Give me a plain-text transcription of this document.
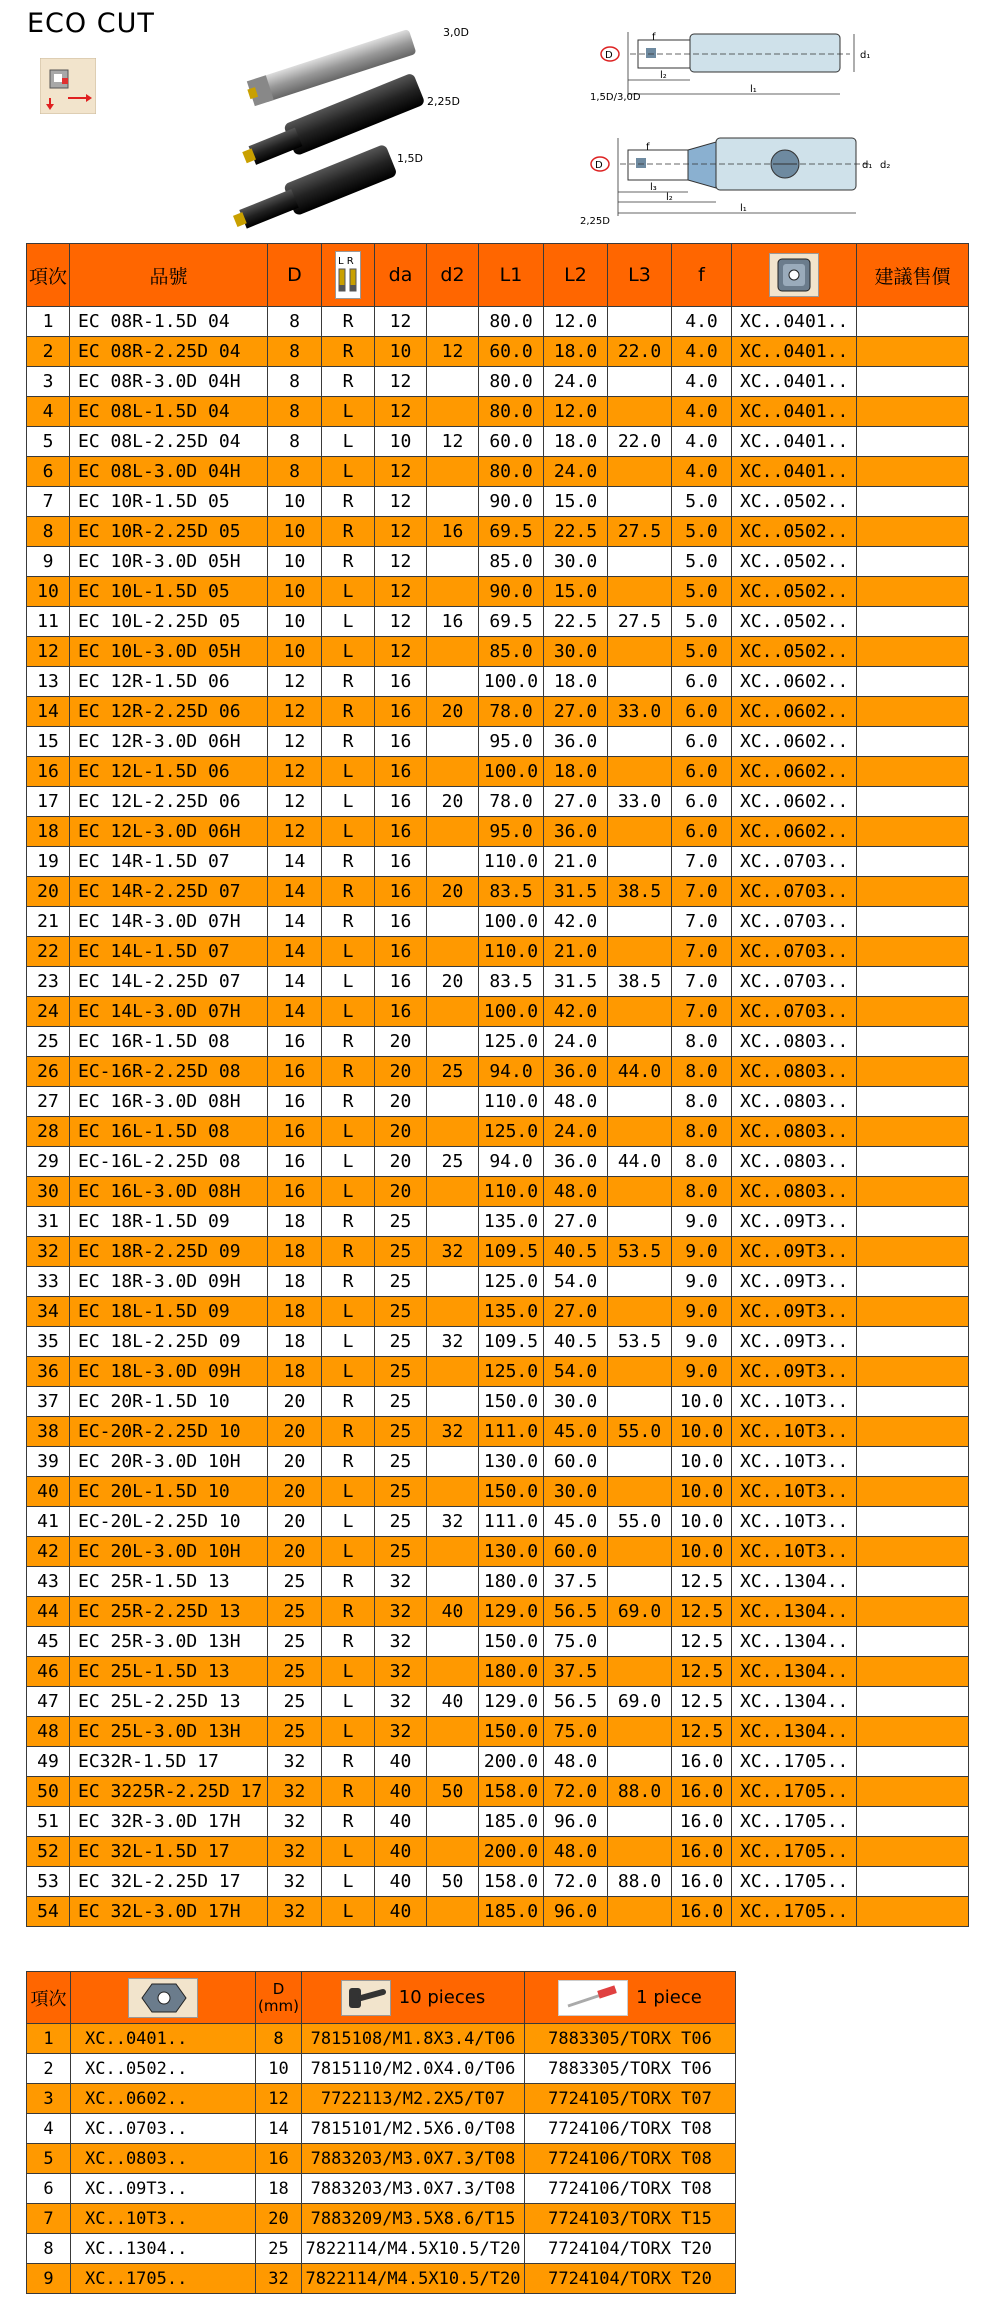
ECO CUT	3,0D
2,25D
1,5D
D
f
l₂
l₁
d₁
1,5D/3,0D
D
f
l₃
l₂
l₁
d₁ d₂
2,25D
項次	品號	D	L R	da	d2	L1	L2	L3	f		建議售價
1	EC 08R-1.5D 04	8	R	12		80.0	12.0		4.0	XC..0401..	
2	EC 08R-2.25D 04	8	R	10	12	60.0	18.0	22.0	4.0	XC..0401..	
3	EC 08R-3.0D 04H	8	R	12		80.0	24.0		4.0	XC..0401..	
4	EC 08L-1.5D 04	8	L	12		80.0	12.0		4.0	XC..0401..	
5	EC 08L-2.25D 04	8	L	10	12	60.0	18.0	22.0	4.0	XC..0401..	
6	EC 08L-3.0D 04H	8	L	12		80.0	24.0		4.0	XC..0401..	
7	EC 10R-1.5D 05	10	R	12		90.0	15.0		5.0	XC..0502..	
8	EC 10R-2.25D 05	10	R	12	16	69.5	22.5	27.5	5.0	XC..0502..	
9	EC 10R-3.0D 05H	10	R	12		85.0	30.0		5.0	XC..0502..	
10	EC 10L-1.5D 05	10	L	12		90.0	15.0		5.0	XC..0502..	
11	EC 10L-2.25D 05	10	L	12	16	69.5	22.5	27.5	5.0	XC..0502..	
12	EC 10L-3.0D 05H	10	L	12		85.0	30.0		5.0	XC..0502..	
13	EC 12R-1.5D 06	12	R	16		100.0	18.0		6.0	XC..0602..	
14	EC 12R-2.25D 06	12	R	16	20	78.0	27.0	33.0	6.0	XC..0602..	
15	EC 12R-3.0D 06H	12	R	16		95.0	36.0		6.0	XC..0602..	
16	EC 12L-1.5D 06	12	L	16		100.0	18.0		6.0	XC..0602..	
17	EC 12L-2.25D 06	12	L	16	20	78.0	27.0	33.0	6.0	XC..0602..	
18	EC 12L-3.0D 06H	12	L	16		95.0	36.0		6.0	XC..0602..	
19	EC 14R-1.5D 07	14	R	16		110.0	21.0		7.0	XC..0703..	
20	EC 14R-2.25D 07	14	R	16	20	83.5	31.5	38.5	7.0	XC..0703..	
21	EC 14R-3.0D 07H	14	R	16		100.0	42.0		7.0	XC..0703..	
22	EC 14L-1.5D 07	14	L	16		110.0	21.0		7.0	XC..0703..	
23	EC 14L-2.25D 07	14	L	16	20	83.5	31.5	38.5	7.0	XC..0703..	
24	EC 14L-3.0D 07H	14	L	16		100.0	42.0		7.0	XC..0703..	
25	EC 16R-1.5D 08	16	R	20		125.0	24.0		8.0	XC..0803..	
26	EC-16R-2.25D 08	16	R	20	25	94.0	36.0	44.0	8.0	XC..0803..	
27	EC 16R-3.0D 08H	16	R	20		110.0	48.0		8.0	XC..0803..	
28	EC 16L-1.5D 08	16	L	20		125.0	24.0		8.0	XC..0803..	
29	EC-16L-2.25D 08	16	L	20	25	94.0	36.0	44.0	8.0	XC..0803..	
30	EC 16L-3.0D 08H	16	L	20		110.0	48.0		8.0	XC..0803..	
31	EC 18R-1.5D 09	18	R	25		135.0	27.0		9.0	XC..09T3..	
32	EC 18R-2.25D 09	18	R	25	32	109.5	40.5	53.5	9.0	XC..09T3..	
33	EC 18R-3.0D 09H	18	R	25		125.0	54.0		9.0	XC..09T3..	
34	EC 18L-1.5D 09	18	L	25		135.0	27.0		9.0	XC..09T3..	
35	EC 18L-2.25D 09	18	L	25	32	109.5	40.5	53.5	9.0	XC..09T3..	
36	EC 18L-3.0D 09H	18	L	25		125.0	54.0		9.0	XC..09T3..	
37	EC 20R-1.5D 10	20	R	25		150.0	30.0		10.0	XC..10T3..	
38	EC-20R-2.25D 10	20	R	25	32	111.0	45.0	55.0	10.0	XC..10T3..	
39	EC 20R-3.0D 10H	20	R	25		130.0	60.0		10.0	XC..10T3..	
40	EC 20L-1.5D 10	20	L	25		150.0	30.0		10.0	XC..10T3..	
41	EC-20L-2.25D 10	20	L	25	32	111.0	45.0	55.0	10.0	XC..10T3..	
42	EC 20L-3.0D 10H	20	L	25		130.0	60.0		10.0	XC..10T3..	
43	EC 25R-1.5D 13	25	R	32		180.0	37.5		12.5	XC..1304..	
44	EC 25R-2.25D 13	25	R	32	40	129.0	56.5	69.0	12.5	XC..1304..	
45	EC 25R-3.0D 13H	25	R	32		150.0	75.0		12.5	XC..1304..	
46	EC 25L-1.5D 13	25	L	32		180.0	37.5		12.5	XC..1304..	
47	EC 25L-2.25D 13	25	L	32	40	129.0	56.5	69.0	12.5	XC..1304..	
48	EC 25L-3.0D 13H	25	L	32		150.0	75.0		12.5	XC..1304..	
49	EC32R-1.5D 17	32	R	40		200.0	48.0		16.0	XC..1705..	
50	EC 3225R-2.25D 17	32	R	40	50	158.0	72.0	88.0	16.0	XC..1705..	
51	EC 32R-3.0D 17H	32	R	40		185.0	96.0		16.0	XC..1705..	
52	EC 32L-1.5D 17	32	L	40		200.0	48.0		16.0	XC..1705..	
53	EC 32L-2.25D 17	32	L	40	50	158.0	72.0	88.0	16.0	XC..1705..	
54	EC 32L-3.0D 17H	32	L	40		185.0	96.0		16.0	XC..1705..	
項次		D
(mm)	10 pieces	1 piece

1	XC..0401..	8	7815108/M1.8X3.4/T06	7883305/TORX T06
2	XC..0502..	10	7815110/M2.0X4.0/T06	7883305/TORX T06
3	XC..0602..	12	7722113/M2.2X5/T07	7724105/TORX T07
4	XC..0703..	14	7815101/M2.5X6.0/T08	7724106/TORX T08
5	XC..0803..	16	7883203/M3.0X7.3/T08	7724106/TORX T08
6	XC..09T3..	18	7883203/M3.0X7.3/T08	7724106/TORX T08
7	XC..10T3..	20	7883209/M3.5X8.6/T15	7724103/TORX T15
8	XC..1304..	25	7822114/M4.5X10.5/T20	7724104/TORX T20
9	XC..1705..	32	7822114/M4.5X10.5/T20	7724104/TORX T20
